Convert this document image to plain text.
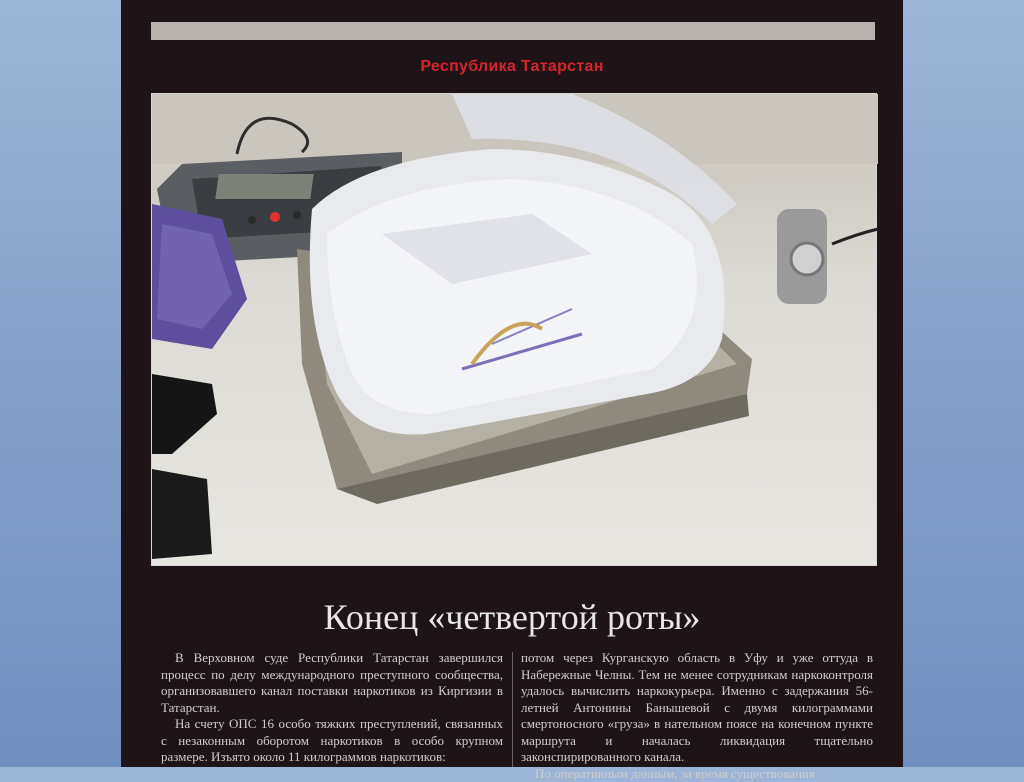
Республика Татарстан
Конец «четвертой роты»

В Верховном суде Республики Татарстан завершился процесс по делу международного преступного сообщества, организовавшего канал поставки наркотиков из Киргизии в Татарстан.

На счету ОПС 16 особо тяжких преступлений, связанных с незаконным оборотом наркотиков в особо крупном размере. Изъято около 11 килограммов наркотиков:

потом через Курганскую область в Уфу и уже оттуда в Набережные Челны. Тем не менее сотрудникам наркоконтроля удалось вычислить наркокурьера. Именно с задержания 56-летней Антонины Банышевой с двумя килограммами смертоносного «груза» в нательном поясе на конечном пункте маршрута и началась ликвидация тщательно законспирированного канала.

По оперативным данным, за время существования
